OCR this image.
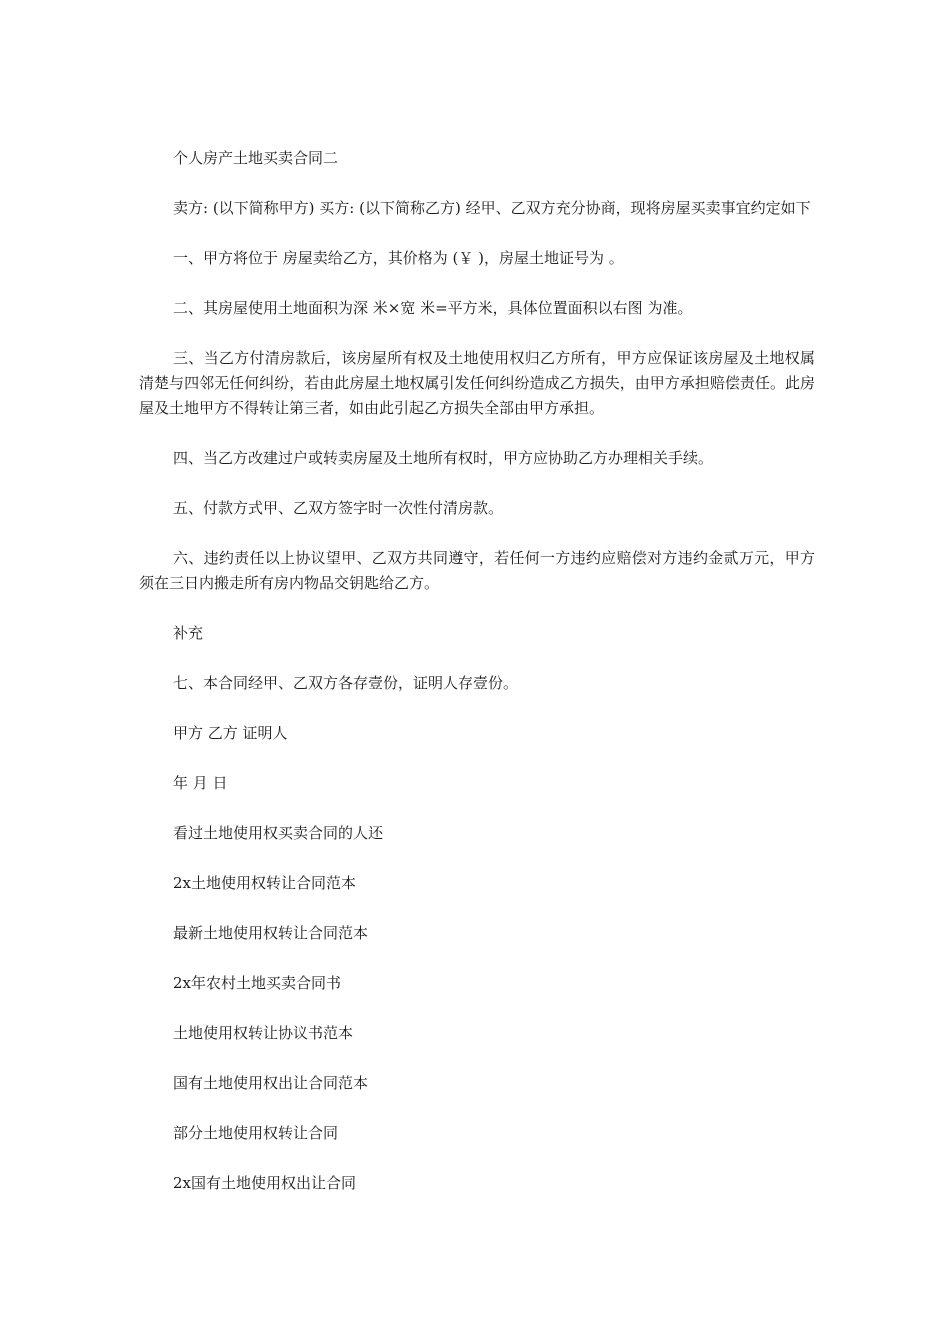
个人房产土地买卖合同二

卖方: (以下简称甲方) 买方: (以下简称乙方) 经甲、乙双方充分协商，现将房屋买卖事宜约定如下

一、甲方将位于 房屋卖给乙方，其价格为 (￥ )，房屋土地证号为 。

二、其房屋使用土地面积为深 米×宽 米=平方米，具体位置面积以右图 为准。

三、当乙方付清房款后，该房屋所有权及土地使用权归乙方所有，甲方应保证该房屋及土地权属清楚与四邻无任何纠纷，若由此房屋土地权属引发任何纠纷造成乙方损失，由甲方承担赔偿责任。此房屋及土地甲方不得转让第三者，如由此引起乙方损失全部由甲方承担。

四、当乙方改建过户或转卖房屋及土地所有权时，甲方应协助乙方办理相关手续。

五、付款方式甲、乙双方签字时一次性付清房款。

六、违约责任以上协议望甲、乙双方共同遵守，若任何一方违约应赔偿对方违约金贰万元，甲方须在三日内搬走所有房内物品交钥匙给乙方。

补充

七、本合同经甲、乙双方各存壹份，证明人存壹份。

甲方 乙方 证明人

年 月 日

看过土地使用权买卖合同的人还

2x土地使用权转让合同范本

最新土地使用权转让合同范本

2x年农村土地买卖合同书

土地使用权转让协议书范本

国有土地使用权出让合同范本

部分土地使用权转让合同

2x国有土地使用权出让合同
